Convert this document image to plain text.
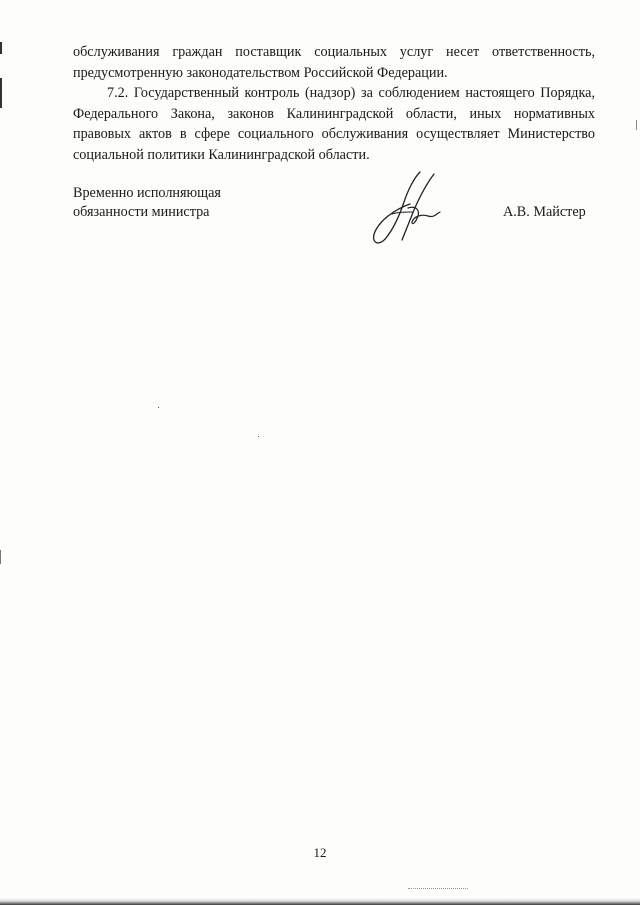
обслуживания граждан поставщик социальных услуг несет ответственность, предусмотренную законодательством Российской Федерации.

7.2. Государственный контроль (надзор) за соблюдением настоящего Порядка, Федерального Закона, законов Калининградской области, иных нормативных правовых актов в сфере социального обслуживания осуществляет Министерство социальной политики Калининградской области.

Временно исполняющая
обязанности министра	А.В. Майстер
12
